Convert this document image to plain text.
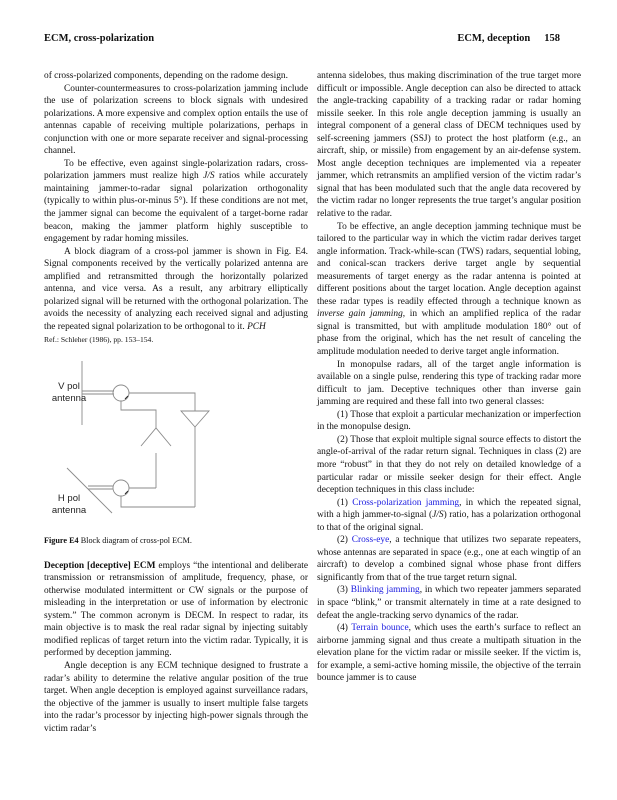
ECM, cross-polarization	ECM, deception 158

of cross-polarized components, depending on the radome design.

Counter-countermeasures to cross-polarization jamming include the use of polarization screens to block signals with undesired polarizations. A more expensive and complex option entails the use of antennas capable of receiving multiple polarizations, perhaps in conjunction with one or more separate receiver and signal-processing channel.

To be effective, even against single-polarization radars, cross-polarization jammers must realize high J/S ratios while accurately maintaining jammer-to-radar signal polarization orthogonality (typically to within plus-or-minus 5°). If these conditions are not met, the jammer signal can become the equivalent of a target-borne radar beacon, making the jammer platform highly susceptible to engagement by radar homing missiles.

A block diagram of a cross-pol jammer is shown in Fig. E4. Signal components received by the vertically polarized antenna are amplified and retransmitted through the horizontally polarized antenna, and vice versa. As a result, any arbitrary elliptically polarized signal will be returned with the orthogonal polarization. The avoids the necessity of analyzing each received signal and adjusting the repeated signal polarization to be orthogonal to it. PCH

Ref.: Schleher (1986), pp. 153–154.

V pol
antenna
H pol
antenna

Figure E4 Block diagram of cross-pol ECM.

Deception [deceptive] ECM employs “the intentional and deliberate transmission or retransmission of amplitude, frequency, phase, or otherwise modulated intermittent or CW signals or the purpose of misleading in the interpretation or use of information by electronic system.” The common acronym is DECM. In respect to radar, its main objective is to mask the real radar signal by injecting suitably modified replicas of target return into the victim radar. Typically, it is performed by deception jamming.

Angle deception is any ECM technique designed to frustrate a radar’s ability to determine the relative angular position of the true target. When angle deception is employed against surveillance radars, the objective of the jammer is usually to insert multiple false targets into the radar’s processor by injecting high-power signals through the victim radar’s

antenna sidelobes, thus making discrimination of the true target more difficult or impossible. Angle deception can also be directed to attack the angle-tracking capability of a tracking radar or radar homing missile seeker. In this role angle deception jamming is usually an integral component of a general class of DECM techniques used by self-screening jammers (SSJ) to protect the host platform (e.g., an aircraft, ship, or missile) from engagement by an air-defense system. Most angle deception techniques are implemented via a repeater jammer, which retransmits an amplified version of the victim radar’s signal that has been modulated such that the angle data recovered by the victim radar no longer represents the true target’s angular position relative to the radar.

To be effective, an angle deception jamming technique must be tailored to the particular way in which the victim radar derives target angle information. Track-while-scan (TWS) radars, sequential lobing, and conical-scan trackers derive target angle by sequential measurements of target energy as the radar antenna is pointed at different positions about the target location. Angle deception against these radar types is readily effected through a technique known as inverse gain jamming, in which an amplified replica of the radar signal is transmitted, but with amplitude modulation 180° out of phase from the original, which has the net result of canceling the amplitude modulation needed to derive target angle information.

In monopulse radars, all of the target angle information is available on a single pulse, rendering this type of tracking radar more difficult to jam. Deceptive techniques other than inverse gain jamming are required and these fall into two general classes:

(1) Those that exploit a particular mechanization or imperfection in the monopulse design.

(2) Those that exploit multiple signal source effects to distort the angle-of-arrival of the radar return signal. Techniques in class (2) are more “robust” in that they do not rely on detailed knowledge of a particular radar or missile seeker design for their effect. Angle deception techniques in this class include:

(1) Cross-polarization jamming, in which the repeated signal, with a high jammer-to-signal (J/S) ratio, has a polarization orthogonal to that of the original signal.

(2) Cross-eye, a technique that utilizes two separate repeaters, whose antennas are separated in space (e.g., one at each wingtip of an aircraft) to develop a combined signal whose phase front differs significantly from that of the true target return signal.

(3) Blinking jamming, in which two repeater jammers separated in space “blink,” or transmit alternately in time at a rate designed to defeat the angle-tracking servo dynamics of the radar.

(4) Terrain bounce, which uses the earth’s surface to reflect an airborne jamming signal and thus create a multipath situation in the elevation plane for the victim radar or missile seeker. If the victim is, for example, a semi-active homing missile, the objective of the terrain bounce jammer is to cause
